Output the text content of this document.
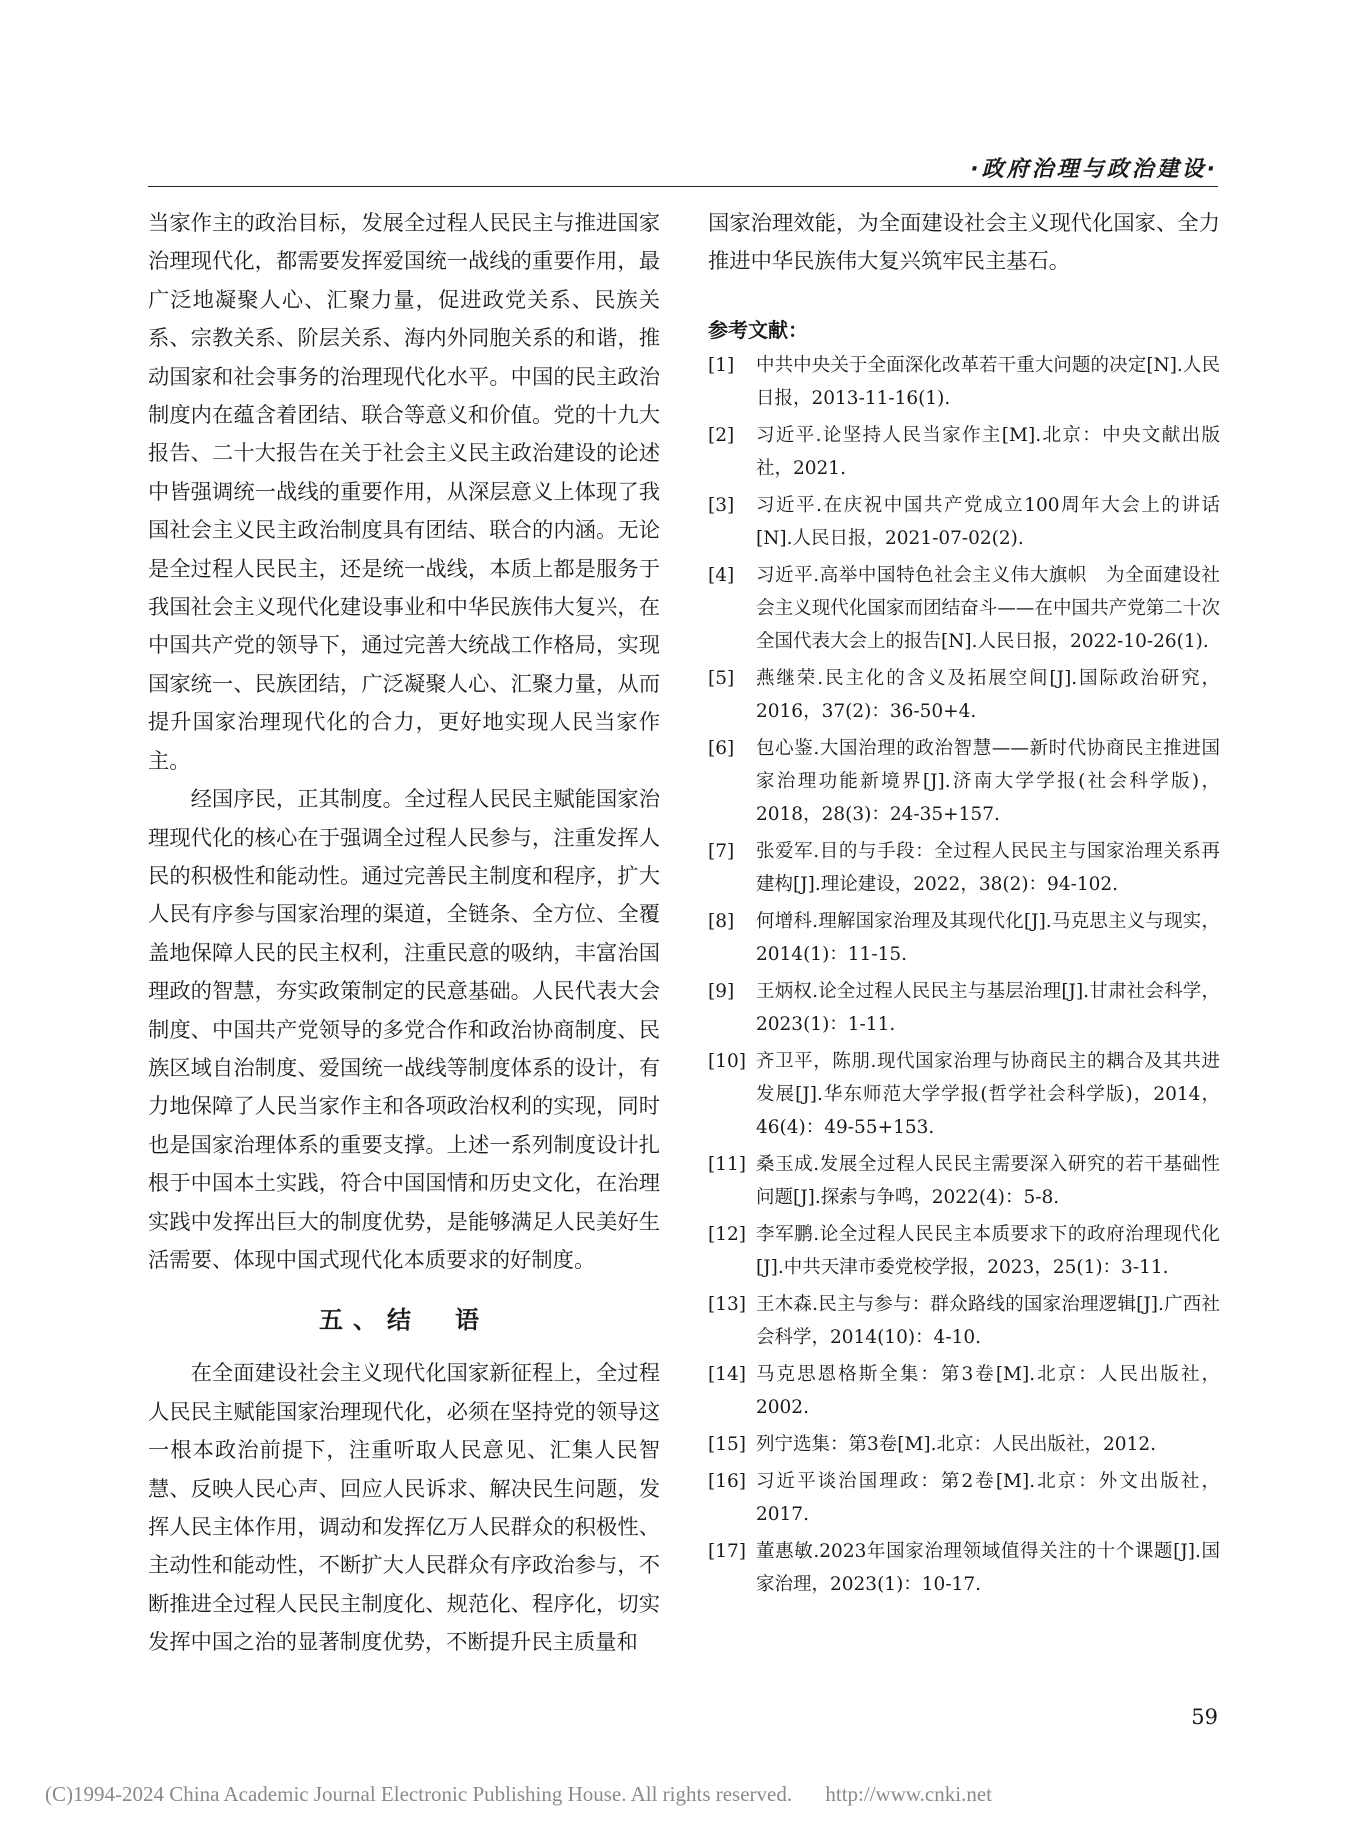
·政府治理与政治建设·

当家作主的政治目标，发展全过程人民民主与推进国家治理现代化，都需要发挥爱国统一战线的重要作用，最广泛地凝聚人心、汇聚力量，促进政党关系、民族关系、宗教关系、阶层关系、海内外同胞关系的和谐，推动国家和社会事务的治理现代化水平。中国的民主政治制度内在蕴含着团结、联合等意义和价值。党的十九大报告、二十大报告在关于社会主义民主政治建设的论述中皆强调统一战线的重要作用，从深层意义上体现了我国社会主义民主政治制度具有团结、联合的内涵。无论是全过程人民民主，还是统一战线，本质上都是服务于我国社会主义现代化建设事业和中华民族伟大复兴，在中国共产党的领导下，通过完善大统战工作格局，实现国家统一、民族团结，广泛凝聚人心、汇聚力量，从而提升国家治理现代化的合力，更好地实现人民当家作主。

经国序民，正其制度。全过程人民民主赋能国家治理现代化的核心在于强调全过程人民参与，注重发挥人民的积极性和能动性。通过完善民主制度和程序，扩大人民有序参与国家治理的渠道，全链条、全方位、全覆盖地保障人民的民主权利，注重民意的吸纳，丰富治国理政的智慧，夯实政策制定的民意基础。人民代表大会制度、中国共产党领导的多党合作和政治协商制度、民族区域自治制度、爱国统一战线等制度体系的设计，有力地保障了人民当家作主和各项政治权利的实现，同时也是国家治理体系的重要支撑。上述一系列制度设计扎根于中国本土实践，符合中国国情和历史文化，在治理实践中发挥出巨大的制度优势，是能够满足人民美好生活需要、体现中国式现代化本质要求的好制度。

五、结　语

在全面建设社会主义现代化国家新征程上，全过程人民民主赋能国家治理现代化，必须在坚持党的领导这一根本政治前提下，注重听取人民意见、汇集人民智慧、反映人民心声、回应人民诉求、解决民生问题，发挥人民主体作用，调动和发挥亿万人民群众的积极性、主动性和能动性，不断扩大人民群众有序政治参与，不断推进全过程人民民主制度化、规范化、程序化，切实发挥中国之治的显著制度优势，不断提升民主质量和

国家治理效能，为全面建设社会主义现代化国家、全力推进中华民族伟大复兴筑牢民主基石。

参考文献：
[1]	中共中央关于全面深化改革若干重大问题的决定[N].人民日报，2013-11-16(1).
[2]	习近平.论坚持人民当家作主[M].北京：中央文献出版社，2021.
[3]	习近平.在庆祝中国共产党成立100周年大会上的讲话[N].人民日报，2021-07-02(2).
[4]	习近平.高举中国特色社会主义伟大旗帜　为全面建设社会主义现代化国家而团结奋斗——在中国共产党第二十次全国代表大会上的报告[N].人民日报，2022-10-26(1).
[5]	燕继荣.民主化的含义及拓展空间[J].国际政治研究，2016，37(2)：36-50+4.
[6]	包心鉴.大国治理的政治智慧——新时代协商民主推进国家治理功能新境界[J].济南大学学报(社会科学版)，2018，28(3)：24-35+157.
[7]	张爱军.目的与手段：全过程人民民主与国家治理关系再建构[J].理论建设，2022，38(2)：94-102.
[8]	何增科.理解国家治理及其现代化[J].马克思主义与现实，2014(1)：11-15.
[9]	王炳权.论全过程人民民主与基层治理[J].甘肃社会科学，2023(1)：1-11.
[10] 齐卫平，陈朋.现代国家治理与协商民主的耦合及其共进发展[J].华东师范大学学报(哲学社会科学版)，2014，46(4)：49-55+153.
[11] 桑玉成.发展全过程人民民主需要深入研究的若干基础性问题[J].探索与争鸣，2022(4)：5-8.
[12] 李军鹏.论全过程人民民主本质要求下的政府治理现代化[J].中共天津市委党校学报，2023，25(1)：3-11.
[13] 王木森.民主与参与：群众路线的国家治理逻辑[J].广西社会科学，2014(10)：4-10.
[14] 马克思恩格斯全集：第3卷[M].北京：人民出版社，2002.
[15] 列宁选集：第3卷[M].北京：人民出版社，2012.
[16] 习近平谈治国理政：第2卷[M].北京：外文出版社，2017.
[17] 董惠敏.2023年国家治理领域值得关注的十个课题[J].国家治理，2023(1)：10-17.
59
(C)1994-2024 China Academic Journal Electronic Publishing House. All rights reserved. http://www.cnki.net
